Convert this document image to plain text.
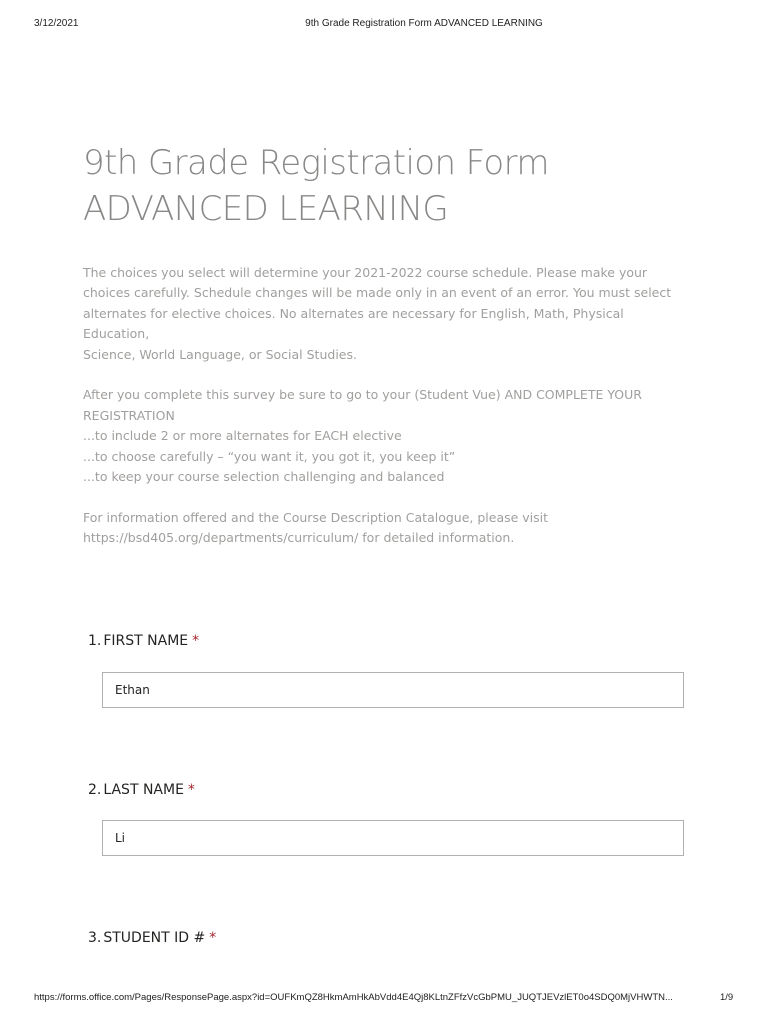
3/12/2021	9th Grade Registration Form ADVANCED LEARNING
9th Grade Registration Form
ADVANCED LEARNING

The choices you select will determine your 2021-2022 course schedule. Please make your
choices carefully. Schedule changes will be made only in an event of an error. You must select
alternates for elective choices. No alternates are necessary for English, Math, Physical Education,
Science, World Language, or Social Studies.

After you complete this survey be sure to go to your (Student Vue) AND COMPLETE YOUR
REGISTRATION
...to include 2 or more alternates for EACH elective
...to choose carefully – “you want it, you got it, you keep it”
...to keep your course selection challenging and balanced

For information offered and the Course Description Catalogue, please visit
https://bsd405.org/departments/curriculum/ for detailed information.

1. FIRST NAME *
Ethan
2. LAST NAME *
Li
3. STUDENT ID # *
https://forms.office.com/Pages/ResponsePage.aspx?id=OUFKmQZ8HkmAmHkAbVdd4E4Qj8KLtnZFfzVcGbPMU_JUQTJEVzlET0o4SDQ0MjVHWTN...	1/9
